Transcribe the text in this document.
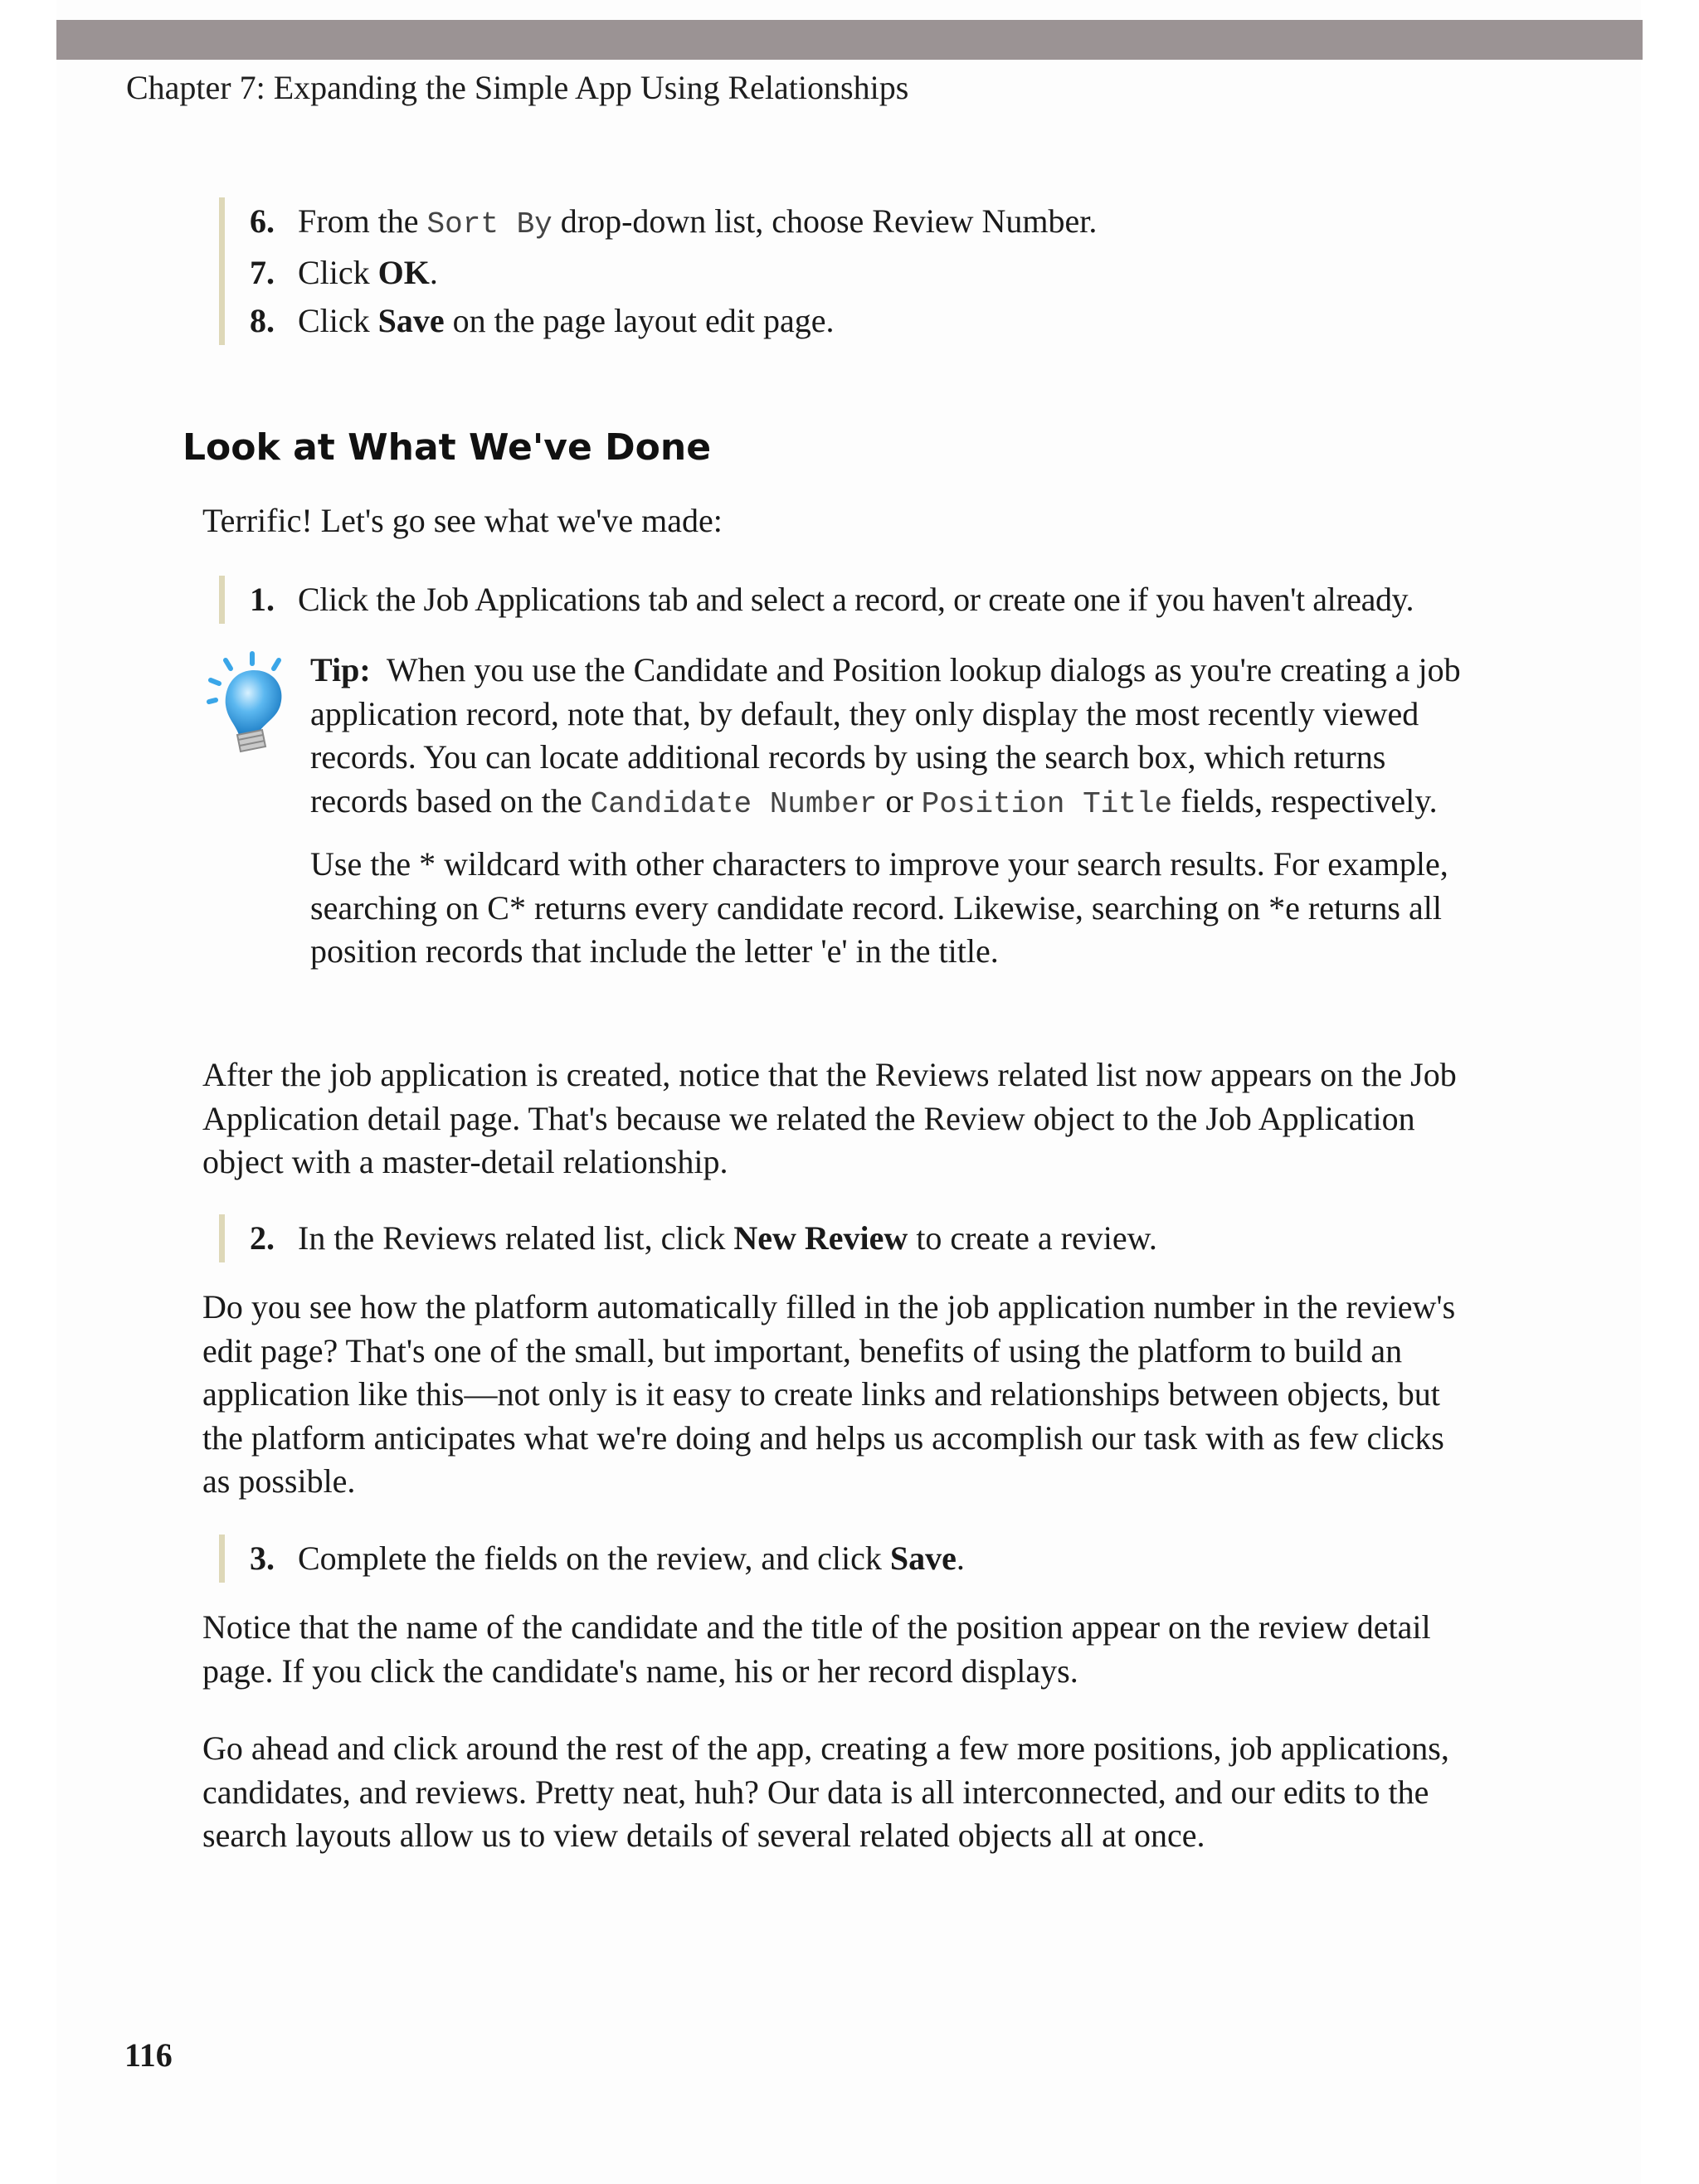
Chapter 7: Expanding the Simple App Using Relationships
6. From the Sort By drop-down list, choose Review Number.
7. Click OK.
8. Click Save on the page layout edit page.
Look at What We've Done
Terrific! Let's go see what we've made:
1. Click the Job Applications tab and select a record, or create one if you haven't already.
Tip: When you use the Candidate and Position lookup dialogs as you're creating a job application record, note that, by default, they only display the most recently viewed records. You can locate additional records by using the search box, which returns records based on the Candidate Number or Position Title fields, respectively.
Use the * wildcard with other characters to improve your search results. For example, searching on C* returns every candidate record. Likewise, searching on *e returns all position records that include the letter 'e' in the title.
After the job application is created, notice that the Reviews related list now appears on the Job Application detail page. That's because we related the Review object to the Job Application object with a master-detail relationship.
2. In the Reviews related list, click New Review to create a review.
Do you see how the platform automatically filled in the job application number in the review's edit page? That's one of the small, but important, benefits of using the platform to build an application like this—not only is it easy to create links and relationships between objects, but the platform anticipates what we're doing and helps us accomplish our task with as few clicks as possible.
3. Complete the fields on the review, and click Save.
Notice that the name of the candidate and the title of the position appear on the review detail page. If you click the candidate's name, his or her record displays.
Go ahead and click around the rest of the app, creating a few more positions, job applications, candidates, and reviews. Pretty neat, huh? Our data is all interconnected, and our edits to the search layouts allow us to view details of several related objects all at once.
116
